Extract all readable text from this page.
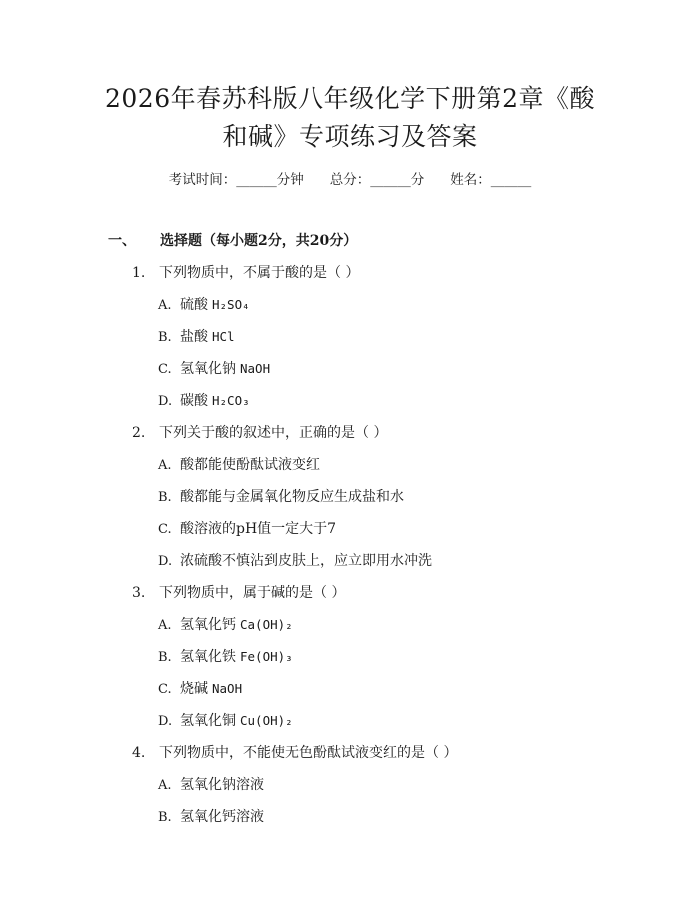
2026年春苏科版八年级化学下册第2章《酸
和碱》专项练习及答案
考试时间：______分钟 总分：______分 姓名：______
一、 选择题（每小题2分，共20分）
1. 下列物质中，不属于酸的是（ ）
A. 硫酸 H₂SO₄
B. 盐酸 HCl
C. 氢氧化钠 NaOH
D. 碳酸 H₂CO₃
2. 下列关于酸的叙述中，正确的是（ ）
A. 酸都能使酚酞试液变红
B. 酸都能与金属氧化物反应生成盐和水
C. 酸溶液的pH值一定大于7
D. 浓硫酸不慎沾到皮肤上，应立即用水冲洗
3. 下列物质中，属于碱的是（ ）
A. 氢氧化钙 Ca(OH)₂
B. 氢氧化铁 Fe(OH)₃
C. 烧碱 NaOH
D. 氢氧化铜 Cu(OH)₂
4. 下列物质中，不能使无色酚酞试液变红的是（ ）
A. 氢氧化钠溶液
B. 氢氧化钙溶液
